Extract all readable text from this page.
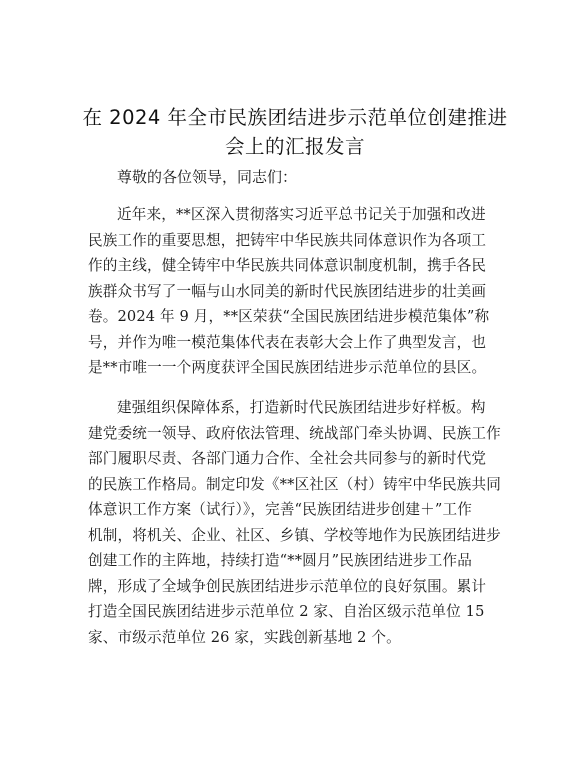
在 2024 年全市民族团结进步示范单位创建推进
会上的汇报发言
尊敬的各位领导，同志们：
近年来，**区深入贯彻落实习近平总书记关于加强和改进
民族工作的重要思想，把铸牢中华民族共同体意识作为各项工
作的主线，健全铸牢中华民族共同体意识制度机制，携手各民
族群众书写了一幅与山水同美的新时代民族团结进步的壮美画
卷。2024 年 9 月，**区荣获“全国民族团结进步模范集体”称
号，并作为唯一模范集体代表在表彰大会上作了典型发言，也
是**市唯一一个两度获评全国民族团结进步示范单位的县区。
建强组织保障体系，打造新时代民族团结进步好样板。构
建党委统一领导、政府依法管理、统战部门牵头协调、民族工作
部门履职尽责、各部门通力合作、全社会共同参与的新时代党
的民族工作格局。制定印发《**区社区（村）铸牢中华民族共同
体意识工作方案（试行）》，完善“民族团结进步创建＋”工作
机制，将机关、企业、社区、乡镇、学校等地作为民族团结进步
创建工作的主阵地，持续打造“**圆月”民族团结进步工作品
牌，形成了全域争创民族团结进步示范单位的良好氛围。累计
打造全国民族团结进步示范单位 2 家、自治区级示范单位 15
家、市级示范单位 26 家，实践创新基地 2 个。
